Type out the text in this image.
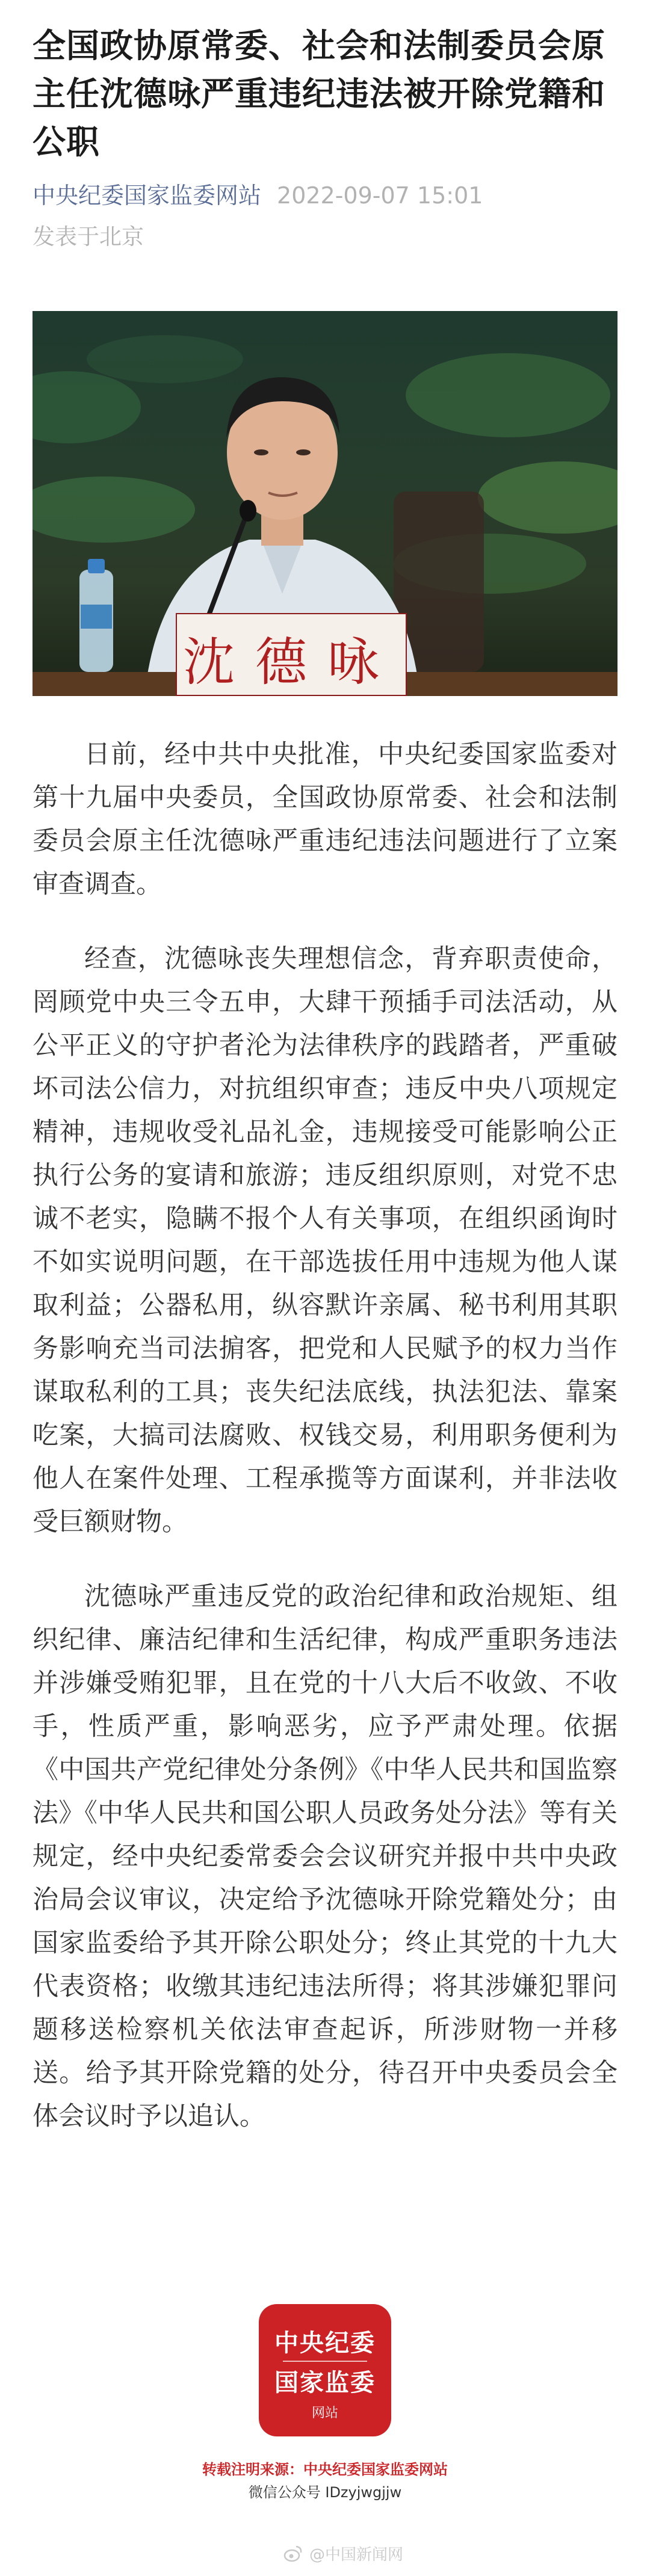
全国政协原常委、社会和法制委员会原主任沈德咏严重违纪违法被开除党籍和公职
中央纪委国家监委网站 2022-09-07 15:01
发表于北京
沈德咏

日前，经中共中央批准，中央纪委国家监委对第十九届中央委员，全国政协原常委、社会和法制委员会原主任沈德咏严重违纪违法问题进行了立案审查调查。

经查，沈德咏丧失理想信念，背弃职责使命，罔顾党中央三令五申，大肆干预插手司法活动，从公平正义的守护者沦为法律秩序的践踏者，严重破坏司法公信力，对抗组织审查；违反中央八项规定精神，违规收受礼品礼金，违规接受可能影响公正执行公务的宴请和旅游；违反组织原则，对党不忠诚不老实，隐瞒不报个人有关事项，在组织函询时不如实说明问题，在干部选拔任用中违规为他人谋取利益；公器私用，纵容默许亲属、秘书利用其职务影响充当司法掮客，把党和人民赋予的权力当作谋取私利的工具；丧失纪法底线，执法犯法、靠案吃案，大搞司法腐败、权钱交易，利用职务便利为他人在案件处理、工程承揽等方面谋利，并非法收受巨额财物。

沈德咏严重违反党的政治纪律和政治规矩、组织纪律、廉洁纪律和生活纪律，构成严重职务违法并涉嫌受贿犯罪，且在党的十八大后不收敛、不收手，性质严重，影响恶劣，应予严肃处理。依据《中国共产党纪律处分条例》《中华人民共和国监察法》《中华人民共和国公职人员政务处分法》等有关规定，经中央纪委常委会会议研究并报中共中央政治局会议审议，决定给予沈德咏开除党籍处分；由国家监委给予其开除公职处分；终止其党的十九大代表资格；收缴其违纪违法所得；将其涉嫌犯罪问题移送检察机关依法审查起诉，所涉财物一并移送。给予其开除党籍的处分，待召开中央委员会全体会议时予以追认。

中央纪委
国家监委
网站
转载注明来源：中央纪委国家监委网站
微信公众号 IDzyjwgjjw
@中国新闻网
